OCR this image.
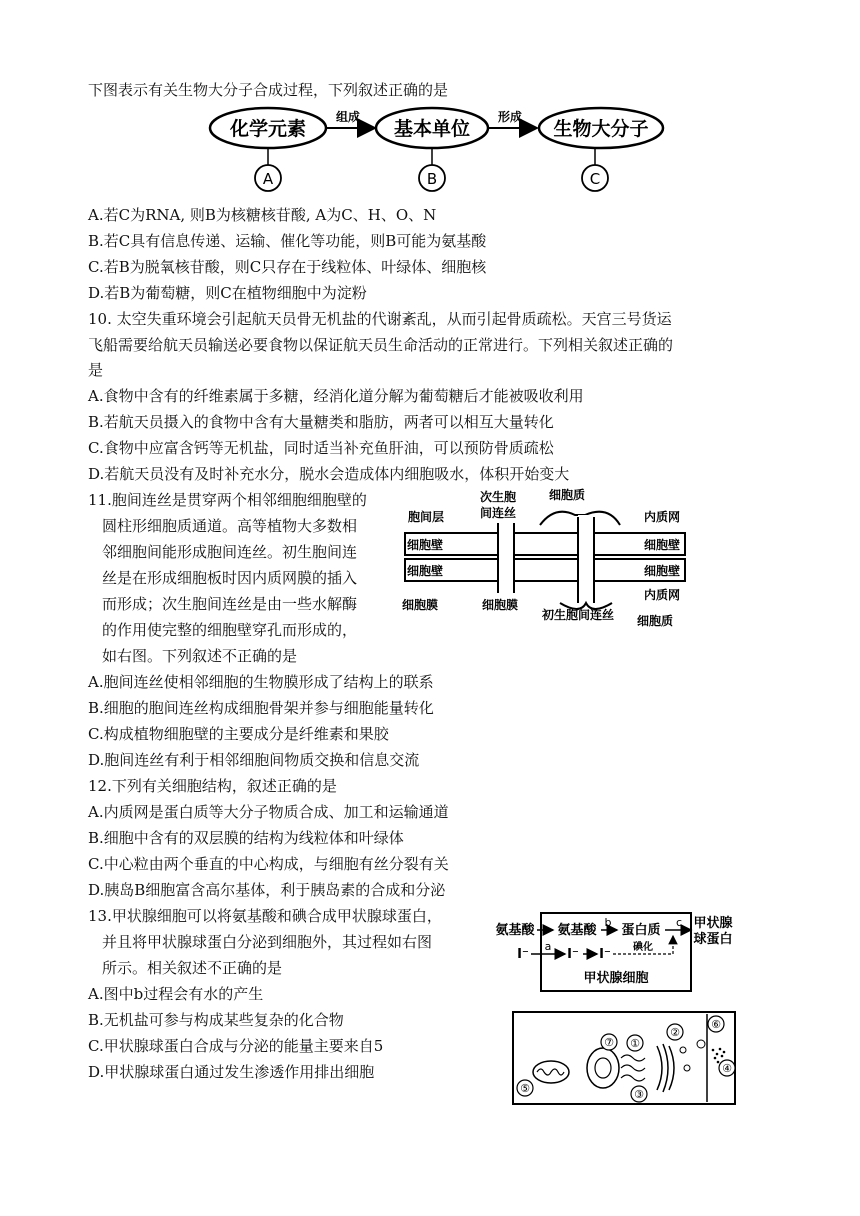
下图表示有关生物大分子合成过程，下列叙述正确的是
化学元素
组成
基本单位
形成
生物大分子
A	B	C
A.若C为RNA, 则B为核糖核苷酸, A为C、H、O、N
B.若C具有信息传递、运输、催化等功能，则B可能为氨基酸
C.若B为脱氧核苷酸，则C只存在于线粒体、叶绿体、细胞核
D.若B为葡萄糖，则C在植物细胞中为淀粉
10. 太空失重环境会引起航天员骨无机盐的代谢紊乱，从而引起骨质疏松。天宫三号货运
飞船需要给航天员输送必要食物以保证航天员生命活动的正常进行。下列相关叙述正确的
是
A.食物中含有的纤维素属于多糖，经消化道分解为葡萄糖后才能被吸收利用
B.若航天员摄入的食物中含有大量糖类和脂肪，两者可以相互大量转化
C.食物中应富含钙等无机盐，同时适当补充鱼肝油，可以预防骨质疏松
D.若航天员没有及时补充水分，脱水会造成体内细胞吸水，体积开始变大
11.胞间连丝是贯穿两个相邻细胞细胞壁的
圆柱形细胞质通道。高等植物大多数相
邻细胞间能形成胞间连丝。初生胞间连
丝是在形成细胞板时因内质网膜的插入
而形成；次生胞间连丝是由一些水解酶
的作用使完整的细胞壁穿孔而形成的，
如右图。下列叙述不正确的是
胞间层
次生胞
间连丝
细胞质
内质网
细胞壁
细胞壁
细胞壁
细胞壁
细胞膜	细胞膜
初生胞间连丝
内质网
细胞质
A.胞间连丝使相邻细胞的生物膜形成了结构上的联系
B.细胞的胞间连丝构成细胞骨架并参与细胞能量转化
C.构成植物细胞壁的主要成分是纤维素和果胶
D.胞间连丝有利于相邻细胞间物质交换和信息交流
12.下列有关细胞结构，叙述正确的是
A.内质网是蛋白质等大分子物质合成、加工和运输通道
B.细胞中含有的双层膜的结构为线粒体和叶绿体
C.中心粒由两个垂直的中心构成，与细胞有丝分裂有关
D.胰岛B细胞富含高尔基体，利于胰岛素的合成和分泌
13.甲状腺细胞可以将氨基酸和碘合成甲状腺球蛋白，
并且将甲状腺球蛋白分泌到细胞外，其过程如右图
所示。相关叙述不正确的是
A.图中b过程会有水的产生
B.无机盐可参与构成某些复杂的化合物
C.甲状腺球蛋白合成与分泌的能量主要来自5
D.甲状腺球蛋白通过发生渗透作用排出细胞
氨基酸 氨基酸
b
蛋白质
c 甲状腺
球蛋白
I⁻
a
I⁻ I⁻ 碘化
甲状腺细胞
⑤
⑦ ①
③
②
⑥
④
